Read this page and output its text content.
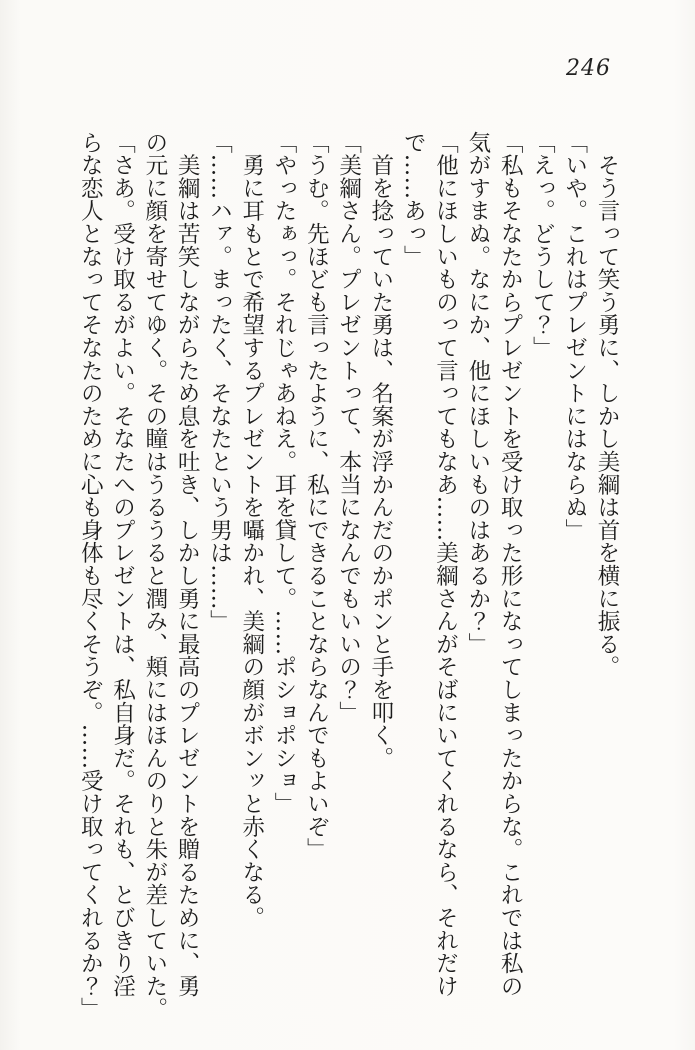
246
　そう言って笑う勇に、しかし美綱は首を横に振る。
「いや。これはプレゼントにはならぬ」
「えっ。どうして？」
「私もそなたからプレゼントを受け取った形になってしまったからな。これでは私の
気がすまぬ。なにか、他にほしいものはあるか？」
「他にほしいものって言ってもなあ……美綱さんがそばにいてくれるなら、それだけ
で……あっ」
　首を捻っていた勇は、名案が浮かんだのかポンと手を叩く。
「美綱さん。プレゼントって、本当になんでもいいの？」
「うむ。先ほども言ったように、私にできることならなんでもよいぞ」
「やったぁっ。それじゃあねえ。耳を貸して。……ポショポショ」
　勇に耳もとで希望するプレゼントを囁かれ、美綱の顔がボンッと赤くなる。
「……ハァ。まったく、そなたという男は……」
　美綱は苦笑しながらため息を吐き、しかし勇に最高のプレゼントを贈るために、勇
の元に顔を寄せてゆく。その瞳はうるうると潤み、頬にはほんのりと朱が差していた。
「さあ。受け取るがよい。そなたへのプレゼントは、私自身だ。それも、とびきり淫
らな恋人となってそなたのために心も身体も尽くそうぞ。……受け取ってくれるか？」
